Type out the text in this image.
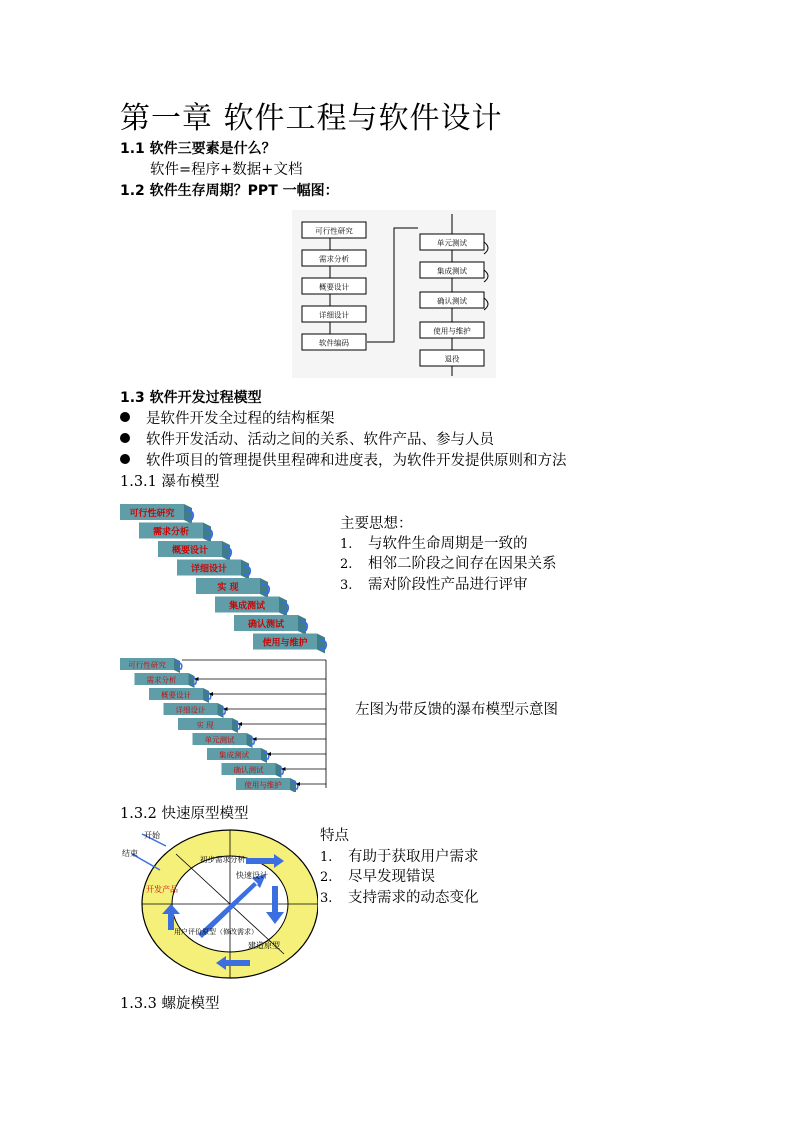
第一章 软件工程与软件设计
1.1 软件三要素是什么？
软件=程序+数据+文档
1.2 软件生存周期？PPT 一幅图：
可行性研究
需求分析
概要设计
详细设计
软件编码
单元测试
集成测试
确认测试
使用与维护
退役
1.3 软件开发过程模型
是软件开发全过程的结构框架
软件开发活动、活动之间的关系、软件产品、参与人员
软件项目的管理提供里程碑和进度表，为软件开发提供原则和方法
1.3.1 瀑布模型
可行性研究
需求分析
概要设计
详细设计
实 现
集成测试
确认测试
使用与维护
主要思想：
1. 与软件生命周期是一致的
2. 相邻二阶段之间存在因果关系
3. 需对阶段性产品进行评审
可行性研究
需求分析
概要设计
详细设计
实 现
单元测试
集成测试
确认测试
使用与维护
左图为带反馈的瀑布模型示意图
1.3.2 快速原型模型
开始
结束
开发产品
初步需求分析
快速设计
建造原型
用户评价原型（修改需求）
特点
1. 有助于获取用户需求
2. 尽早发现错误
3. 支持需求的动态变化
1.3.3 螺旋模型
